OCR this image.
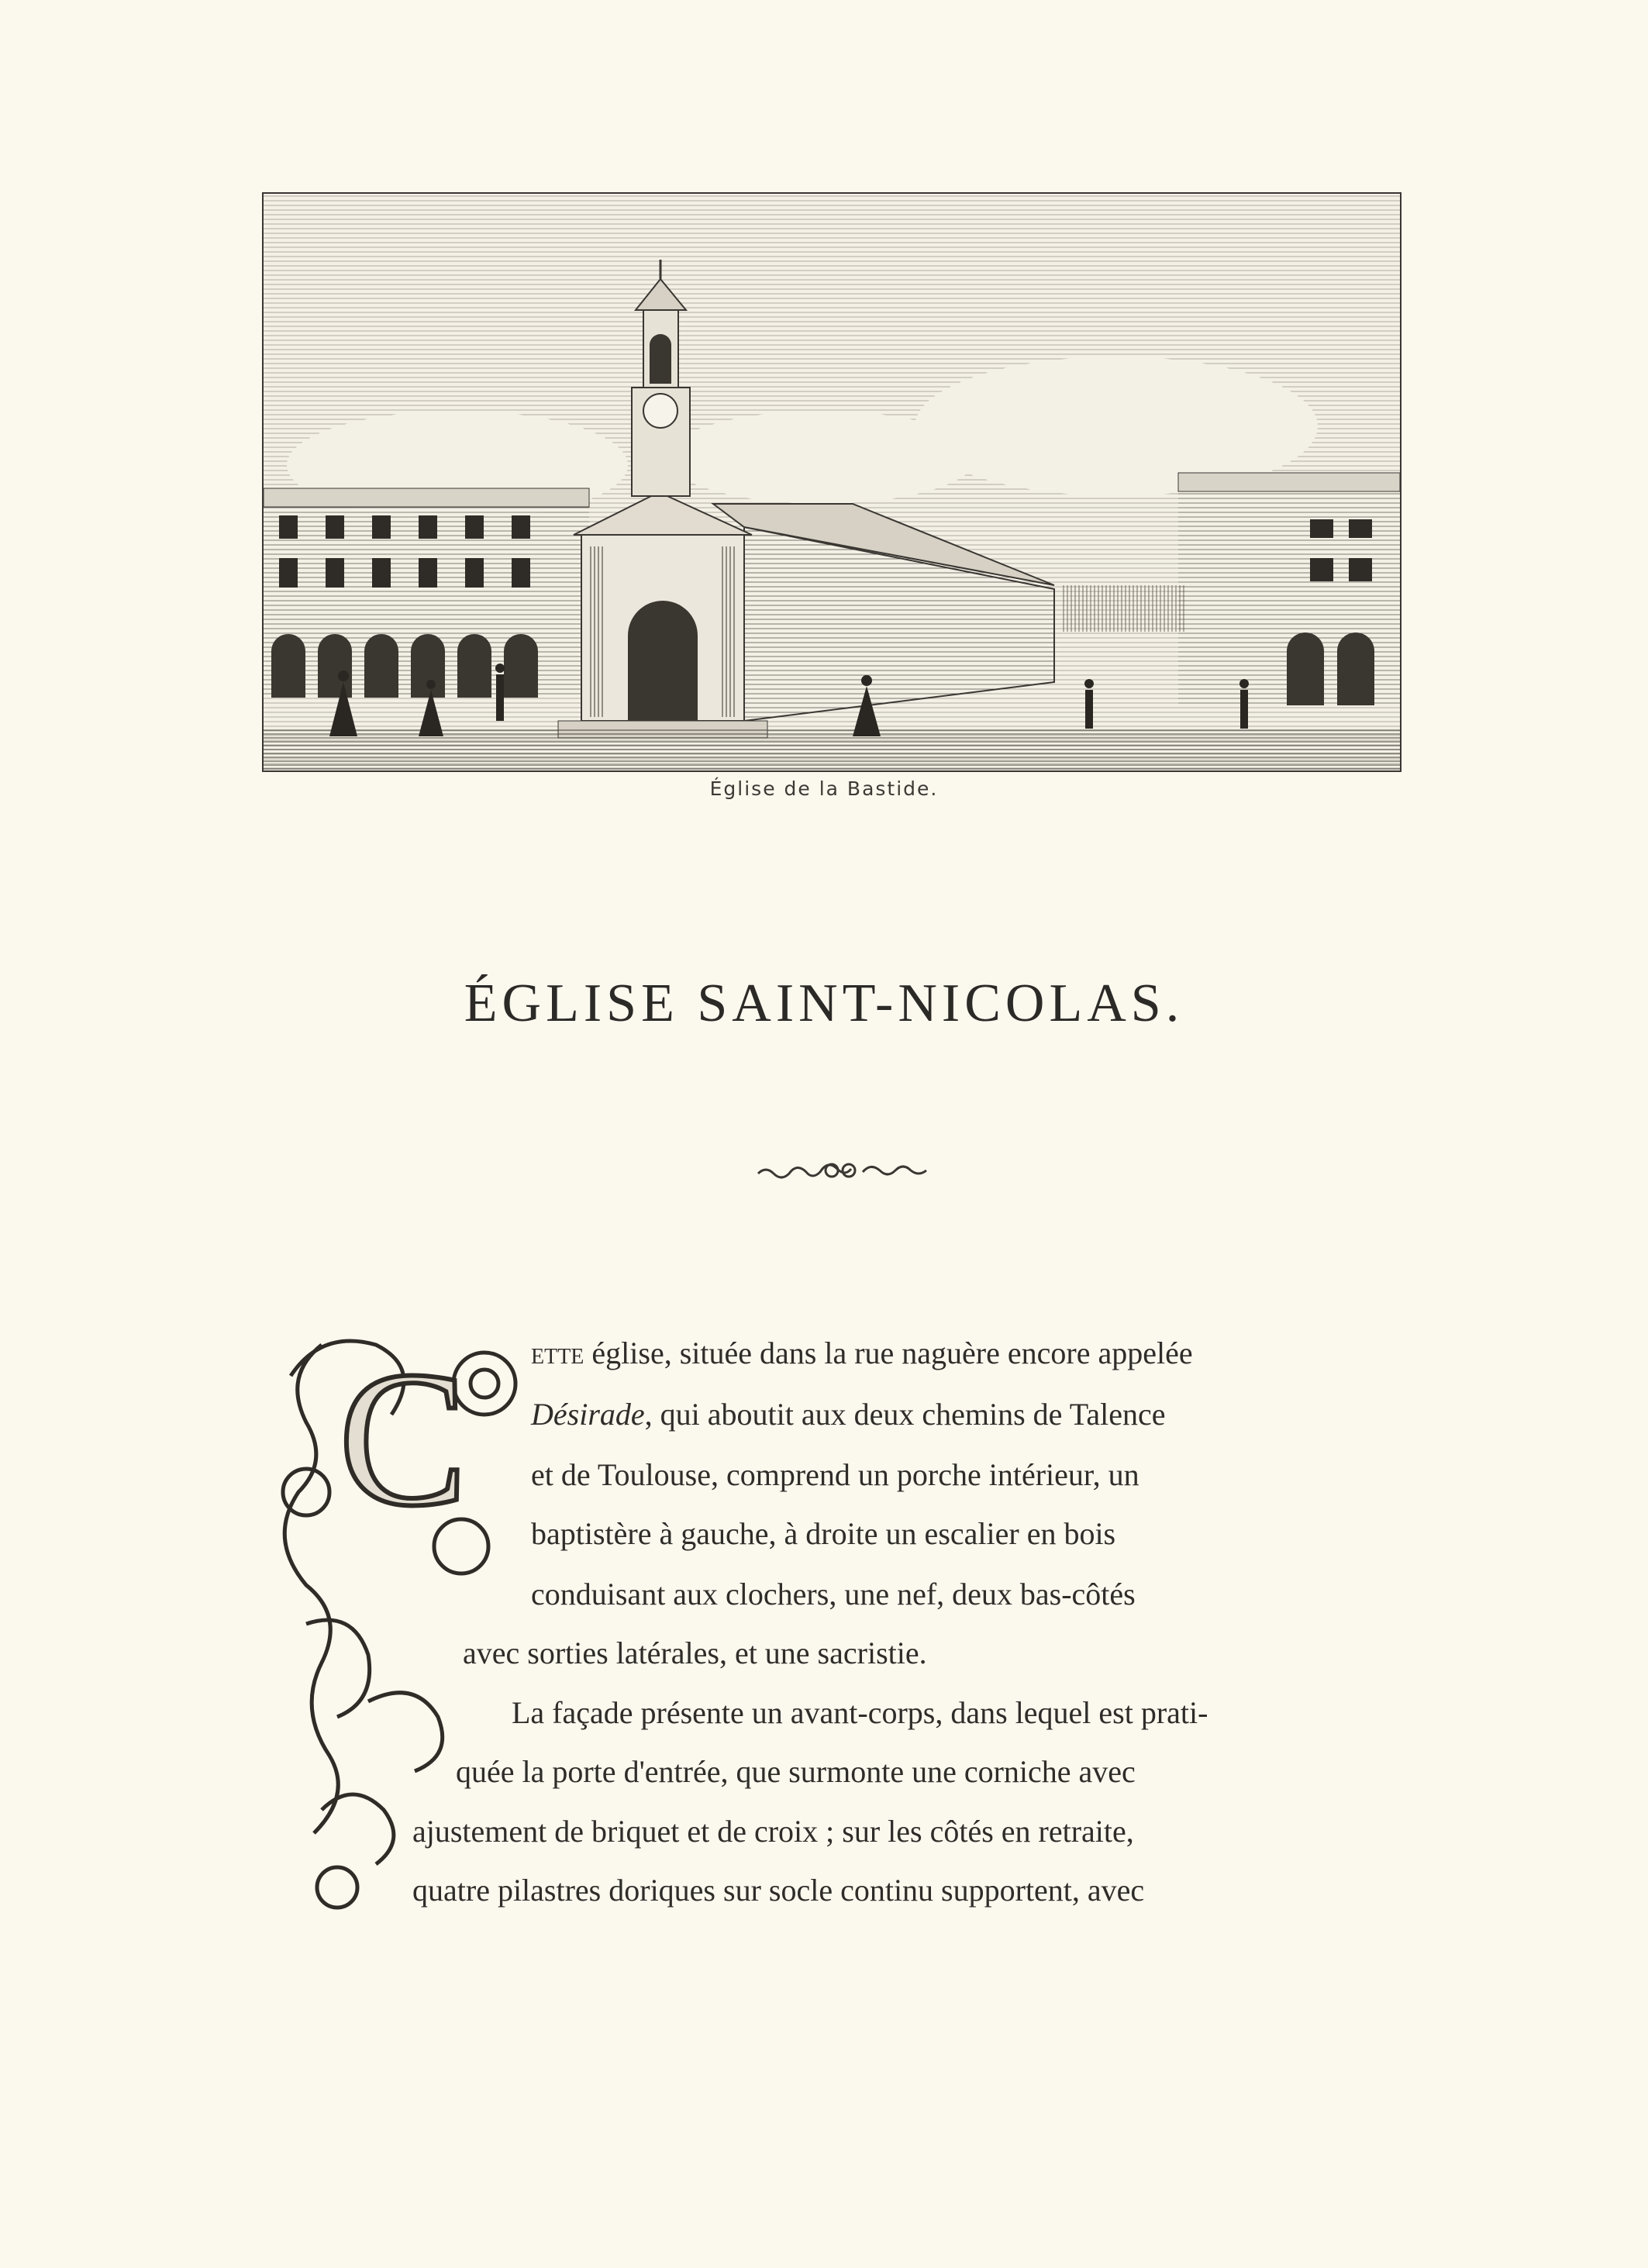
Église de la Bastide.
ÉGLISE SAINT-NICOLAS.
C ette église, située dans la rue naguère encore appelée
Désirade, qui aboutit aux deux chemins de Talence
et de Toulouse, comprend un porche intérieur, un
baptistère à gauche, à droite un escalier en bois
conduisant aux clochers, une nef, deux bas-côtés
avec sorties latérales, et une sacristie.
La façade présente un avant-corps, dans lequel est prati-
quée la porte d'entrée, que surmonte une corniche avec
ajustement de briquet et de croix ; sur les côtés en retraite,
quatre pilastres doriques sur socle continu supportent, avec
